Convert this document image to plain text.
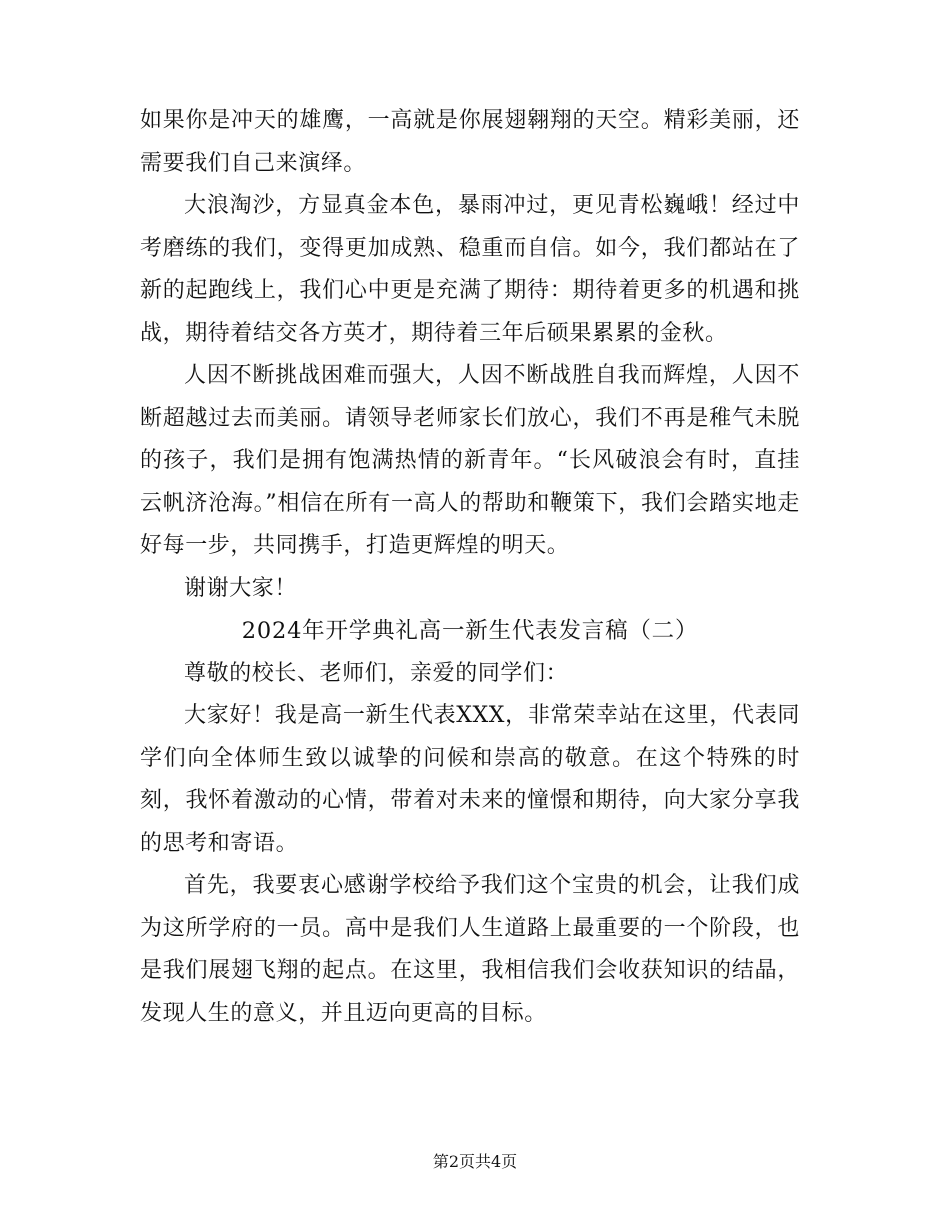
如果你是冲天的雄鹰，一高就是你展翅翱翔的天空。精彩美丽，还需要我们自己来演绎。

大浪淘沙，方显真金本色，暴雨冲过，更见青松巍峨！经过中考磨练的我们，变得更加成熟、稳重而自信。如今，我们都站在了新的起跑线上，我们心中更是充满了期待：期待着更多的机遇和挑战，期待着结交各方英才，期待着三年后硕果累累的金秋。

人因不断挑战困难而强大，人因不断战胜自我而辉煌，人因不断超越过去而美丽。请领导老师家长们放心，我们不再是稚气未脱的孩子，我们是拥有饱满热情的新青年。“长风破浪会有时，直挂云帆济沧海。”相信在所有一高人的帮助和鞭策下，我们会踏实地走好每一步，共同携手，打造更辉煌的明天。

谢谢大家！

2024年开学典礼高一新生代表发言稿（二）

尊敬的校长、老师们，亲爱的同学们：

大家好！我是高一新生代表XXX，非常荣幸站在这里，代表同学们向全体师生致以诚挚的问候和崇高的敬意。在这个特殊的时刻，我怀着激动的心情，带着对未来的憧憬和期待，向大家分享我的思考和寄语。

首先，我要衷心感谢学校给予我们这个宝贵的机会，让我们成为这所学府的一员。高中是我们人生道路上最重要的一个阶段，也是我们展翅飞翔的起点。在这里，我相信我们会收获知识的结晶，发现人生的意义，并且迈向更高的目标。

第2页共4页
